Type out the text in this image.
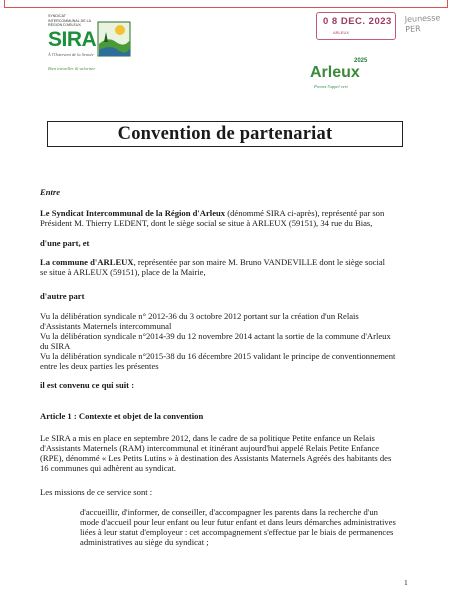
SYNDICAT INTERCOMMUNAL DE LA RÉGION D'ARLEUX
SIRA
À l'Ostrevent de la Sensée
Bien travailler & valoriser
0 8 DEC. 2023
ARLEUX
Jeunesse
PER
2025
Arleux
Prenez l'appel vert
Convention de partenariat
Entre
Le Syndicat Intercommunal de la Région d'Arleux (dénommé SIRA ci-après), représenté par son
Président M. Thierry LEDENT, dont le siège social se situe à ARLEUX (59151), 34 rue du Bias,
d'une part, et
La commune d'ARLEUX, représentée par son maire M. Bruno VANDEVILLE dont le siège social
se situe à ARLEUX (59151), place de la Mairie,
d'autre part
Vu la délibération syndicale n° 2012-36 du 3 octobre 2012 portant sur la création d'un Relais
d'Assistants Maternels intercommunal
Vu la délibération syndicale n°2014-39 du 12 novembre 2014 actant la sortie de la commune d'Arleux
du SIRA
Vu la délibération syndicale n°2015-38 du 16 décembre 2015 validant le principe de conventionnement
entre les deux parties les présentes
il est convenu ce qui suit :
Article 1 : Contexte et objet de la convention
Le SIRA a mis en place en septembre 2012, dans le cadre de sa politique Petite enfance un Relais
d'Assistants Maternels (RAM) intercommunal et itinérant aujourd'hui appelé Relais Petite Enfance
(RPE), dénommé « Les Petits Lutins » à destination des Assistants Maternels Agréés des habitants des
16 communes qui adhèrent au syndicat.
Les missions de ce service sont :
d'accueillir, d'informer, de conseiller, d'accompagner les parents dans la recherche d'un
mode d'accueil pour leur enfant ou leur futur enfant et dans leurs démarches administratives
liées à leur statut d'employeur : cet accompagnement s'effectue par le biais de permanences
administratives au siège du syndicat ;
1
